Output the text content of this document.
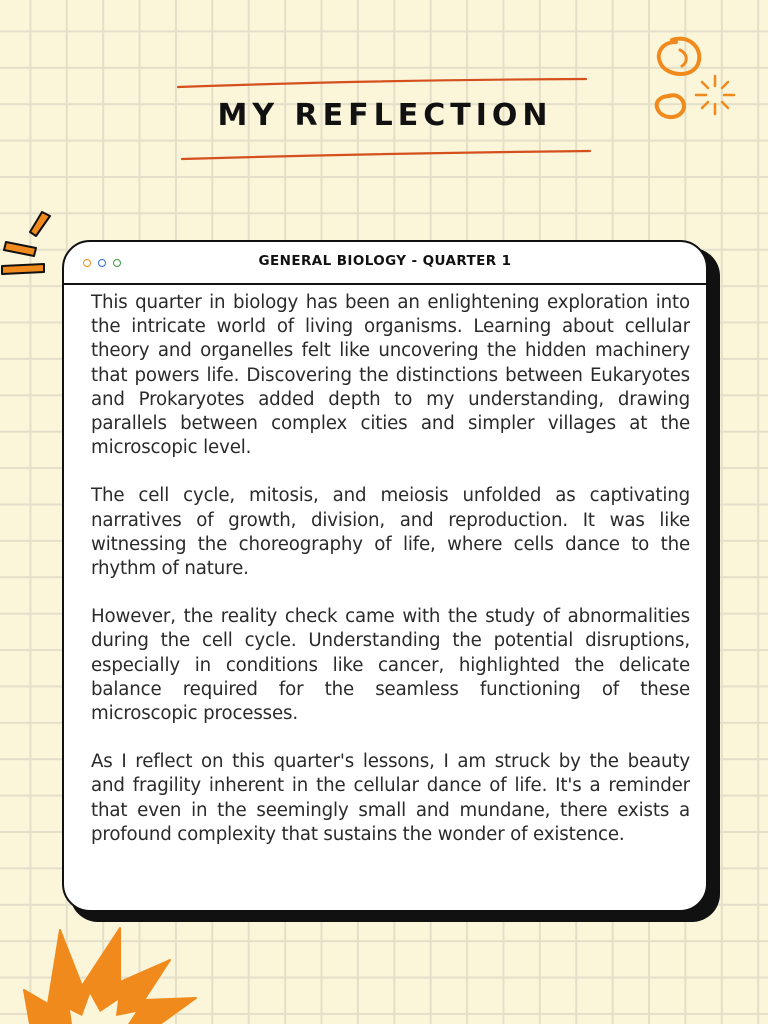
MY REFLECTION
GENERAL BIOLOGY - QUARTER 1

This quarter in biology has been an enlightening exploration into the intricate world of living organisms. Learning about cellular theory and organelles felt like uncovering the hidden machinery that powers life. Discovering the distinctions between Eukaryotes and Prokaryotes added depth to my understanding, drawing parallels between complex cities and simpler villages at the microscopic level.

The cell cycle, mitosis, and meiosis unfolded as captivating narratives of growth, division, and reproduction. It was like witnessing the choreography of life, where cells dance to the rhythm of nature.

However, the reality check came with the study of abnormalities during the cell cycle. Understanding the potential disruptions, especially in conditions like cancer, highlighted the delicate balance required for the seamless functioning of these microscopic processes.

As I reflect on this quarter's lessons, I am struck by the beauty and fragility inherent in the cellular dance of life. It's a reminder that even in the seemingly small and mundane, there exists a profound complexity that sustains the wonder of existence.
